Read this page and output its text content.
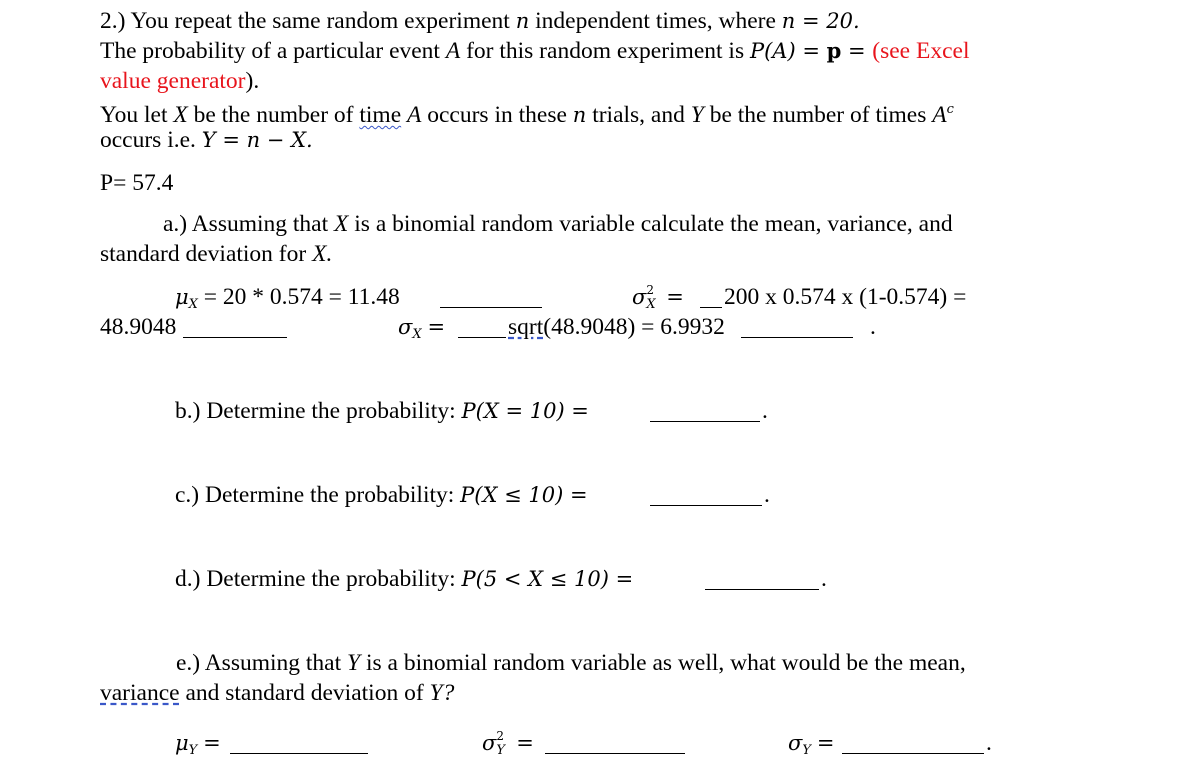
2.) You repeat the same random experiment n independent times, where n = 20.
The probability of a particular event A for this random experiment is P(A) = p = (see Excel
value generator).
You let X be the number of time A occurs in these n trials, and Y be the number of times $A^c$
occurs i.e. Y = n − X.
P= 57.4
a.) Assuming that X is a binomial random variable calculate the mean, variance, and
standard deviation for X.
$\mu_X = 20 * 0.574 = 11.48$	σ 2
X = 200 x 0.574 x (1-0.574) =
48.9048	$\sigma_X$ =	sqrt(48.9048) = 6.9932	.
b.) Determine the probability: P(X = 10) =	.
c.) Determine the probability: P(X ≤ 10) =	.
d.) Determine the probability: P(5 < X ≤ 10) =	.
e.) Assuming that Y is a binomial random variable as well, what would be the mean,
variance and standard deviation of Y?
$\mu_Y$ =	σ 2
Y =	$\sigma_Y$ =	.
